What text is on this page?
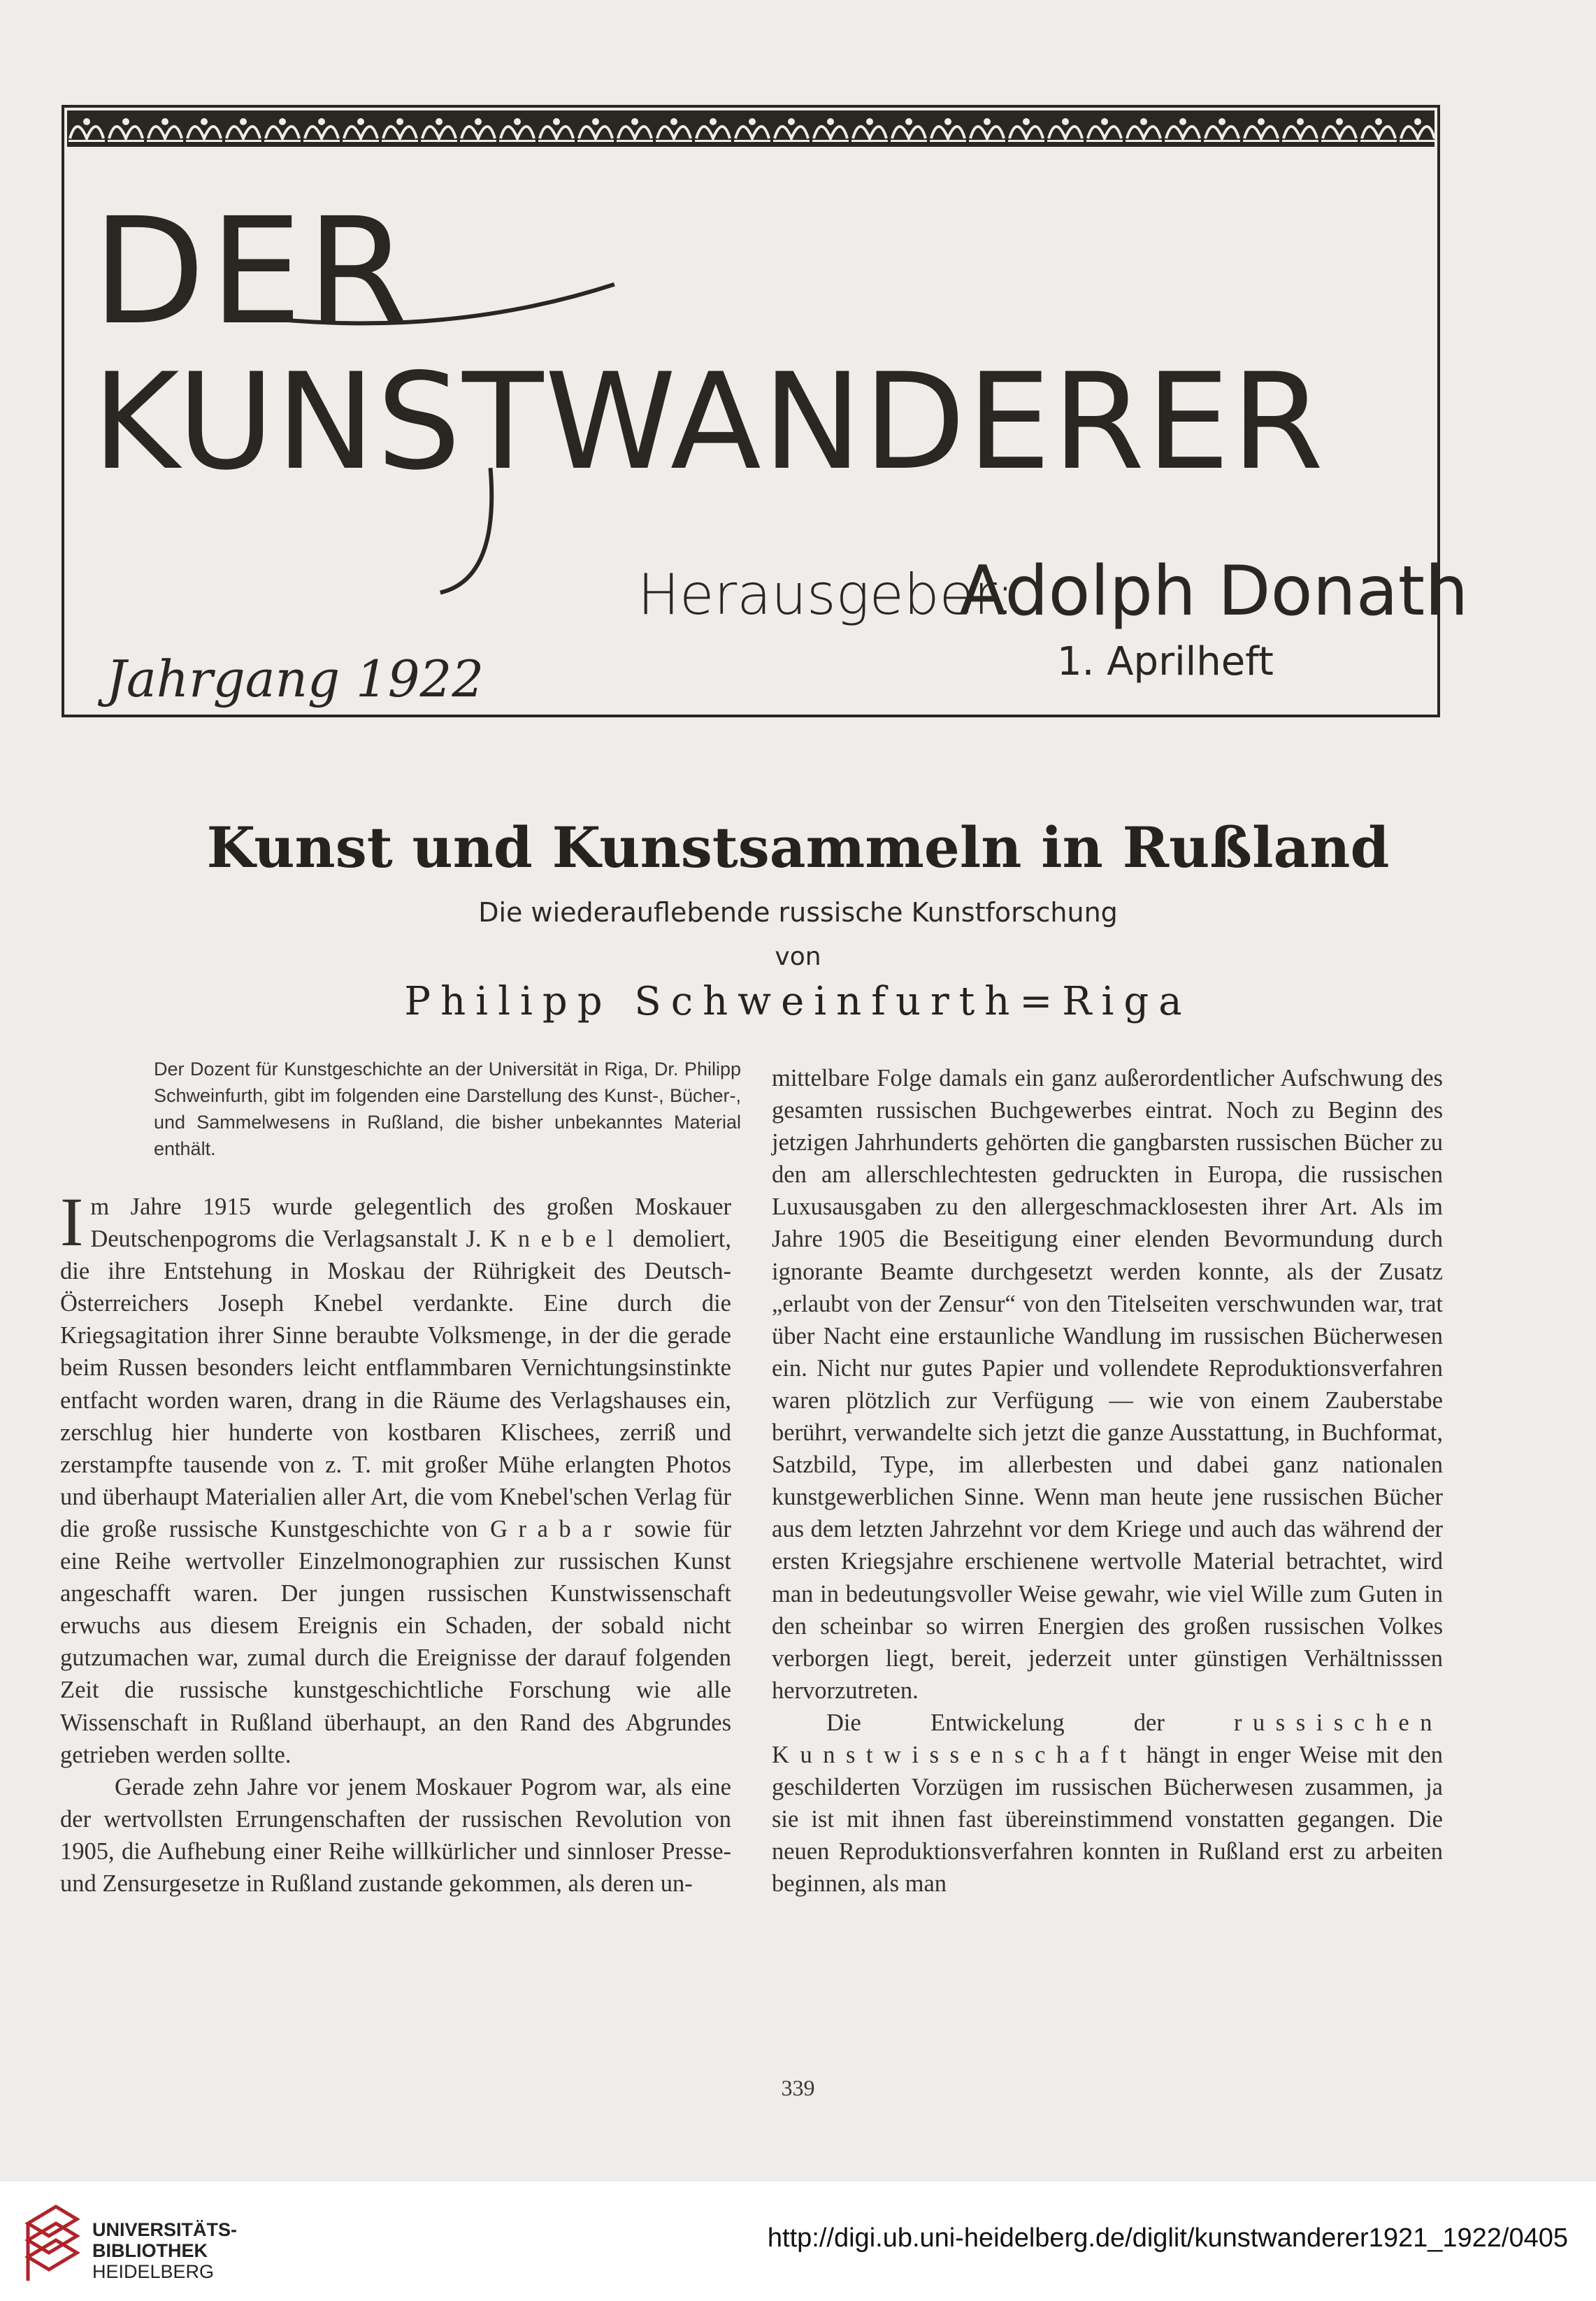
DER
KUNSTWANDERER
Herausgeber:
Adolph Donath
Jahrgang 1922	1. Aprilheft
Kunst und Kunstsammeln in Rußland
Die wiederauflebende russische Kunstforschung
von
Philipp Schweinfurth=Riga
Der Dozent für Kunstgeschichte an der Universität in Riga, Dr. Philipp Schweinfurth, gibt im folgenden eine Darstellung des Kunst-, Bücher-, und Sammelwesens in Rußland, die bisher unbekanntes Material enthält.

Im Jahre 1915 wurde gelegentlich des großen Moskauer Deutschenpogroms die Verlagsanstalt J. Knebel demoliert, die ihre Entstehung in Moskau der Rührigkeit des Deutsch-Österreichers Joseph Knebel verdankte. Eine durch die Kriegsagitation ihrer Sinne beraubte Volksmenge, in der die gerade beim Russen besonders leicht entflammbaren Vernichtungsinstinkte entfacht worden waren, drang in die Räume des Verlagshauses ein, zerschlug hier hunderte von kostbaren Klischees, zerriß und zerstampfte tausende von z. T. mit großer Mühe erlangten Photos und überhaupt Materialien aller Art, die vom Knebel'schen Verlag für die große russische Kunstgeschichte von Grabar sowie für eine Reihe wertvoller Einzelmonographien zur russischen Kunst angeschafft waren. Der jungen russischen Kunstwissenschaft erwuchs aus diesem Ereignis ein Schaden, der sobald nicht gutzumachen war, zumal durch die Ereignisse der darauf folgenden Zeit die russische kunstgeschichtliche Forschung wie alle Wissenschaft in Rußland überhaupt, an den Rand des Abgrundes getrieben werden sollte.

Gerade zehn Jahre vor jenem Moskauer Pogrom war, als eine der wertvollsten Errungenschaften der russischen Revolution von 1905, die Aufhebung einer Reihe willkürlicher und sinnloser Presse- und Zensurgesetze in Rußland zustande gekommen, als deren un-

mittelbare Folge damals ein ganz außerordentlicher Aufschwung des gesamten russischen Buchgewerbes eintrat. Noch zu Beginn des jetzigen Jahrhunderts gehörten die gangbarsten russischen Bücher zu den am allerschlechtesten gedruckten in Europa, die russischen Luxusausgaben zu den allergeschmacklosesten ihrer Art. Als im Jahre 1905 die Beseitigung einer elenden Bevormundung durch ignorante Beamte durchgesetzt werden konnte, als der Zusatz „erlaubt von der Zensur“ von den Titelseiten verschwunden war, trat über Nacht eine erstaunliche Wandlung im russischen Bücherwesen ein. Nicht nur gutes Papier und vollendete Reproduktionsverfahren waren plötzlich zur Verfügung — wie von einem Zauberstabe berührt, verwandelte sich jetzt die ganze Ausstattung, in Buchformat, Satzbild, Type, im allerbesten und dabei ganz nationalen kunstgewerblichen Sinne. Wenn man heute jene russischen Bücher aus dem letzten Jahrzehnt vor dem Kriege und auch das während der ersten Kriegsjahre erschienene wertvolle Material betrachtet, wird man in bedeutungsvoller Weise gewahr, wie viel Wille zum Guten in den scheinbar so wirren Energien des großen russischen Volkes verborgen liegt, bereit, jederzeit unter günstigen Verhältnisssen hervorzutreten.

Die Entwickelung der russischen Kunstwissenschaft hängt in enger Weise mit den geschilderten Vorzügen im russischen Bücherwesen zusammen, ja sie ist mit ihnen fast übereinstimmend vonstatten gegangen. Die neuen Reproduktionsverfahren konnten in Rußland erst zu arbeiten beginnen, als man

339
UNIVERSITÄTS-
BIBLIOTHEK
HEIDELBERG
http://digi.ub.uni-heidelberg.de/diglit/kunstwanderer1921_1922/0405
